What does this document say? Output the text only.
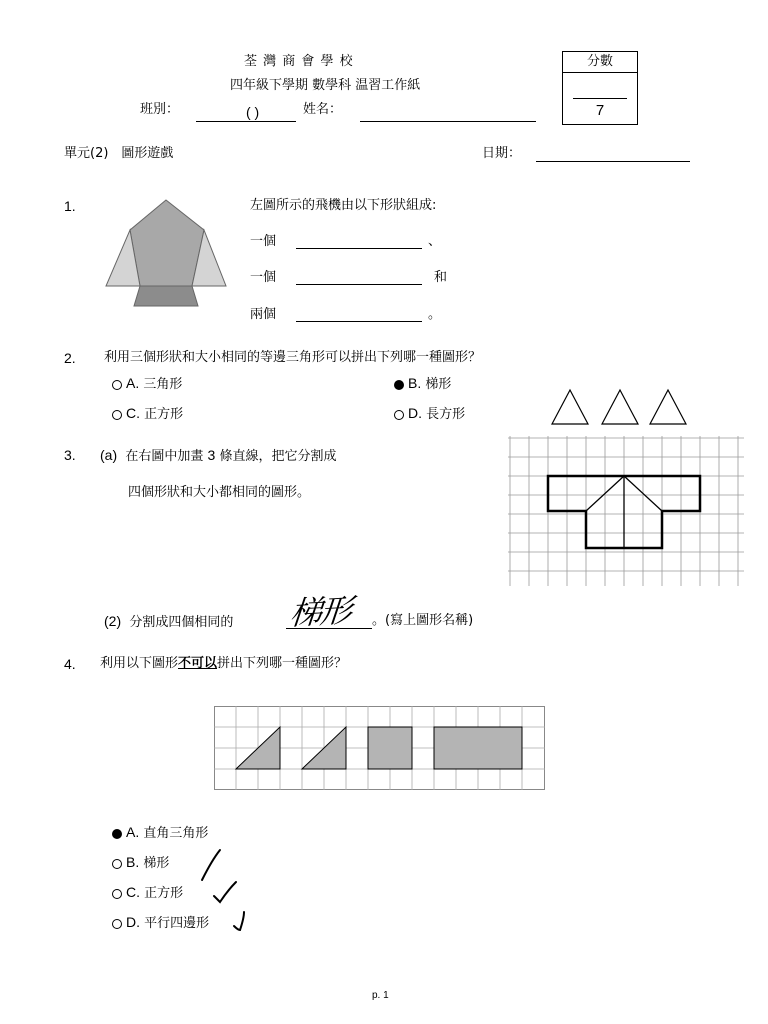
荃 灣 商 會 學 校
四年級下學期 數學科 温習工作紙
班別：	( )	姓名：
分數
7
單元(2)　圖形遊戲	日期：
1.	左圖所示的飛機由以下形狀組成:
一個	、
一個	和
兩個	。
2. 利用三個形狀和大小相同的等邊三角形可以拼出下列哪一種圖形？
A. 三角形	B. 梯形
C. 正方形	D. 長方形
3. (a) 在右圖中加畫 3 條直線，把它分割成
四個形狀和大小都相同的圖形。
(2) 分割成四個相同的 梯形 。(寫上圖形名稱)
4. 利用以下圖形不可以拼出下列哪一種圖形？
A. 直角三角形
B. 梯形
C. 正方形
D. 平行四邊形
p. 1
